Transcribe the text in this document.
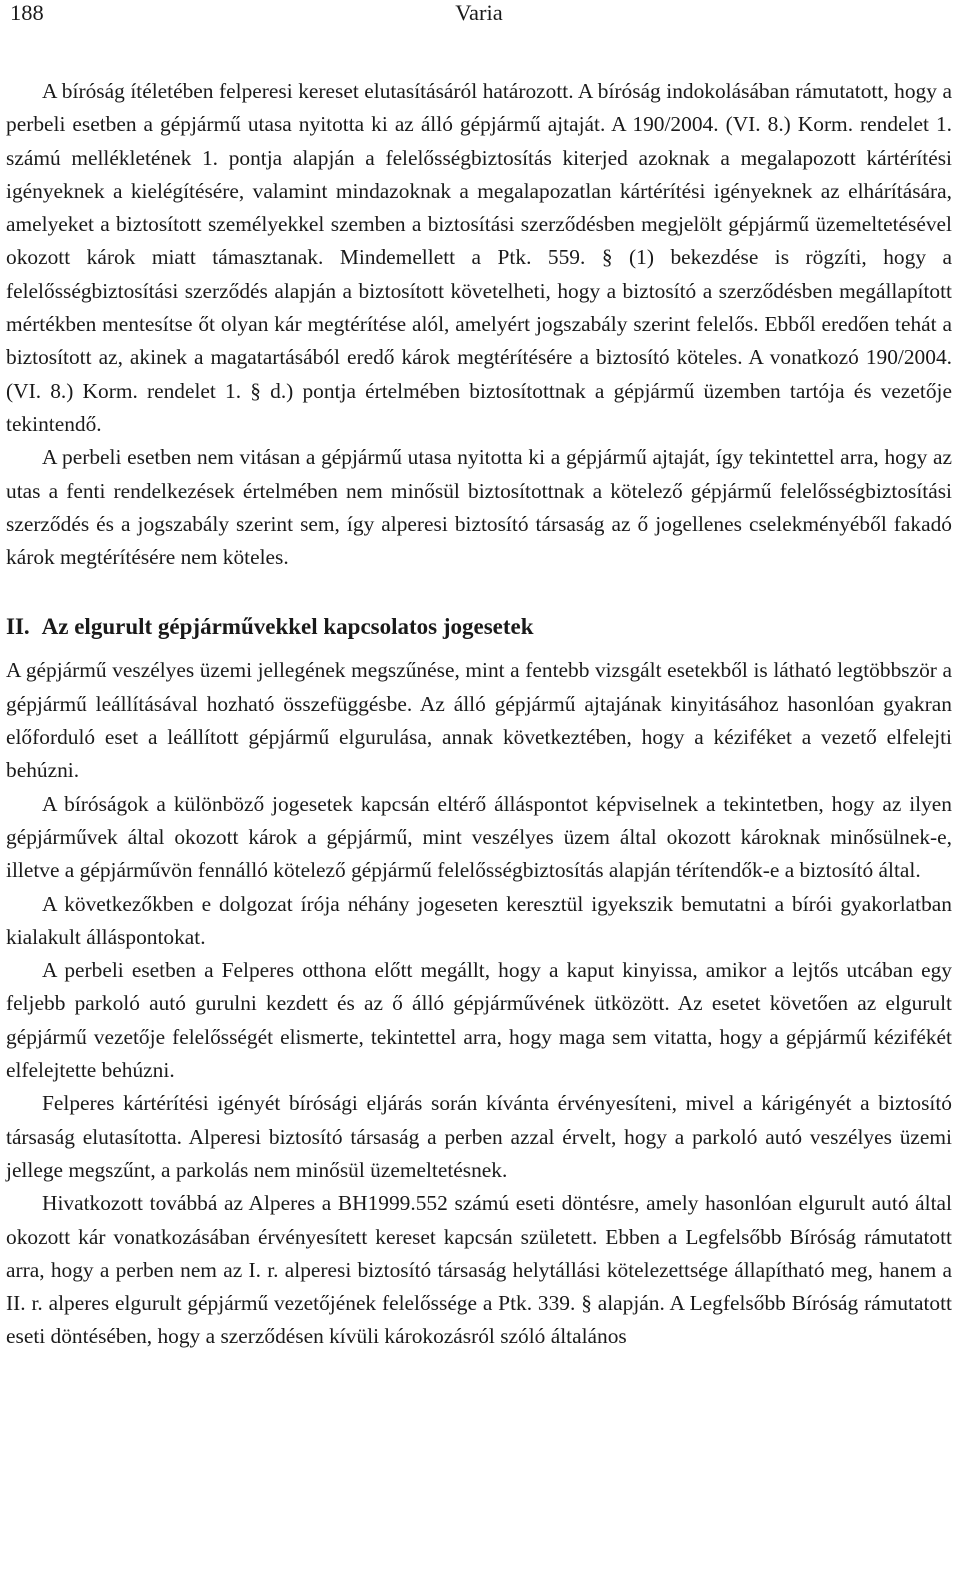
188	Varia

A bíróság ítéletében felperesi kereset elutasításáról határozott. A bíróság indokolásában rámutatott, hogy a perbeli esetben a gépjármű utasa nyitotta ki az álló gépjármű ajtaját. A 190/2004. (VI. 8.) Korm. rendelet 1. számú mellékletének 1. pontja alapján a felelősségbiztosítás kiterjed azoknak a megalapozott kártérítési igényeknek a kielégítésére, valamint mindazoknak a megalapozatlan kártérítési igényeknek az elhárítására, amelyeket a biztosított személyekkel szemben a biztosítási szerződésben megjelölt gépjármű üzemeltetésével okozott károk miatt támasztanak. Mindemellett a Ptk. 559. § (1) bekezdése is rögzíti, hogy a felelősségbiztosítási szerződés alapján a biztosított követelheti, hogy a biztosító a szerződésben megállapított mértékben mentesítse őt olyan kár megtérítése alól, amelyért jogszabály szerint felelős. Ebből eredően tehát a biztosított az, akinek a magatartásából eredő károk megtérítésére a biztosító köteles. A vonatkozó 190/2004. (VI. 8.) Korm. rendelet 1. § d.) pontja értelmében biztosítottnak a gépjármű üzemben tartója és vezetője tekintendő.

A perbeli esetben nem vitásan a gépjármű utasa nyitotta ki a gépjármű ajtaját, így tekintettel arra, hogy az utas a fenti rendelkezések értelmében nem minősül biztosítottnak a kötelező gépjármű felelősségbiztosítási szerződés és a jogszabály szerint sem, így alperesi biztosító társaság az ő jogellenes cselekményéből fakadó károk megtérítésére nem köteles.

II. Az elgurult gépjárművekkel kapcsolatos jogesetek

A gépjármű veszélyes üzemi jellegének megszűnése, mint a fentebb vizsgált esetekből is látható legtöbbször a gépjármű leállításával hozható összefüggésbe. Az álló gépjármű ajtajának kinyitásához hasonlóan gyakran előforduló eset a leállított gépjármű elgurulása, annak következtében, hogy a kéziféket a vezető elfelejti behúzni.

A bíróságok a különböző jogesetek kapcsán eltérő álláspontot képviselnek a tekintetben, hogy az ilyen gépjárművek által okozott károk a gépjármű, mint veszélyes üzem által okozott károknak minősülnek-e, illetve a gépjárművön fennálló kötelező gépjármű felelősségbiztosítás alapján térítendők-e a biztosító által.

A következőkben e dolgozat írója néhány jogeseten keresztül igyekszik bemutatni a bírói gyakorlatban kialakult álláspontokat.

A perbeli esetben a Felperes otthona előtt megállt, hogy a kaput kinyissa, amikor a lejtős utcában egy feljebb parkoló autó gurulni kezdett és az ő álló gépjárművének ütközött. Az esetet követően az elgurult gépjármű vezetője felelősségét elismerte, tekintettel arra, hogy maga sem vitatta, hogy a gépjármű kézifékét elfelejtette behúzni.

Felperes kártérítési igényét bírósági eljárás során kívánta érvényesíteni, mivel a kárigényét a biztosító társaság elutasította. Alperesi biztosító társaság a perben azzal érvelt, hogy a parkoló autó veszélyes üzemi jellege megszűnt, a parkolás nem minősül üzemeltetésnek.

Hivatkozott továbbá az Alperes a BH1999.552 számú eseti döntésre, amely hasonlóan elgurult autó által okozott kár vonatkozásában érvényesített kereset kapcsán született. Ebben a Legfelsőbb Bíróság rámutatott arra, hogy a perben nem az I. r. alperesi biztosító társaság helytállási kötelezettsége állapítható meg, hanem a II. r. alperes elgurult gépjármű vezetőjének felelőssége a Ptk. 339. § alapján. A Legfelsőbb Bíróság rámutatott eseti döntésében, hogy a szerződésen kívüli károkozásról szóló általános
